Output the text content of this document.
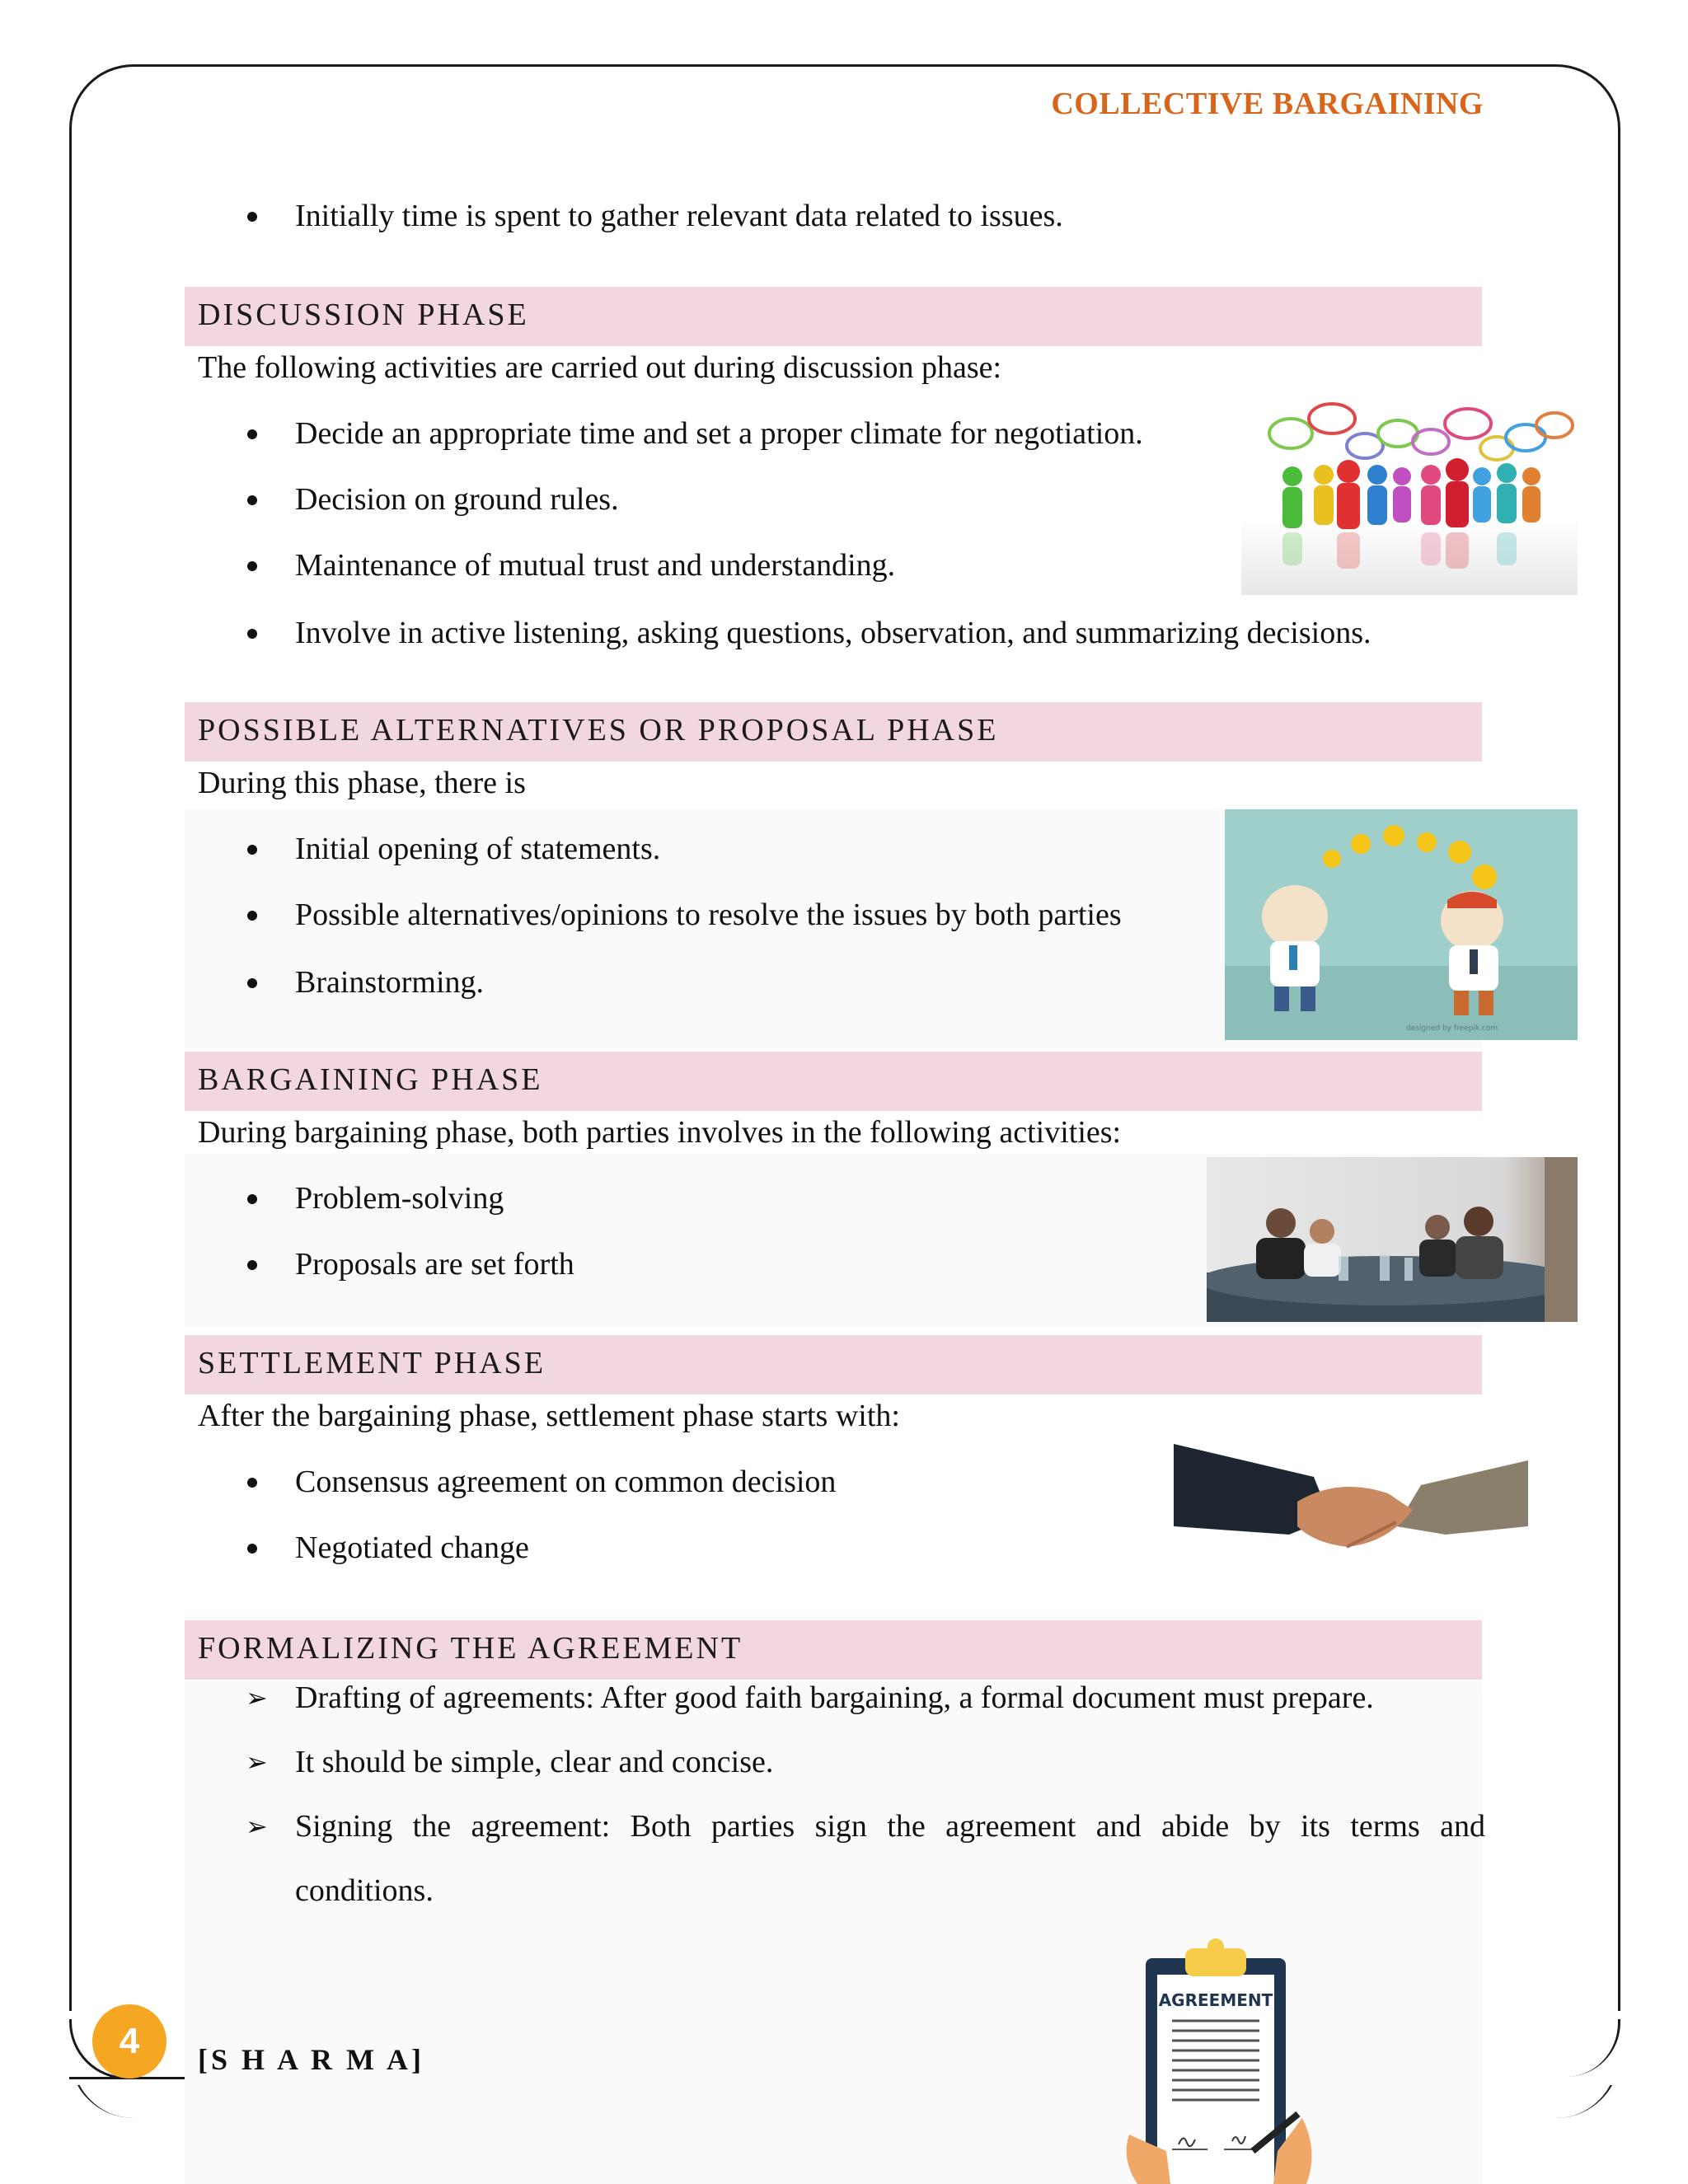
COLLECTIVE BARGAINING
Initially time is spent to gather relevant data related to issues.
DISCUSSION PHASE
The following activities are carried out during discussion phase:
Decide an appropriate time and set a proper climate for negotiation.
Decision on ground rules.
Maintenance of mutual trust and understanding.
Involve in active listening, asking questions, observation, and summarizing decisions.
POSSIBLE ALTERNATIVES OR PROPOSAL PHASE
During this phase, there is
Initial opening of statements.
Possible alternatives/opinions to resolve the issues by both parties
Brainstorming.
designed by freepik.com
BARGAINING PHASE
During bargaining phase, both parties involves in the following activities:
Problem-solving
Proposals are set forth
SETTLEMENT PHASE
After the bargaining phase, settlement phase starts with:
Consensus agreement on common decision
Negotiated change
FORMALIZING THE AGREEMENT
➢ Drafting of agreements: After good faith bargaining, a formal document must prepare.
➢ It should be simple, clear and concise.
➢ Signing the agreement: Both parties sign the agreement and abide by its terms and
conditions.
AGREEMENT
4	[S H A R M A]
